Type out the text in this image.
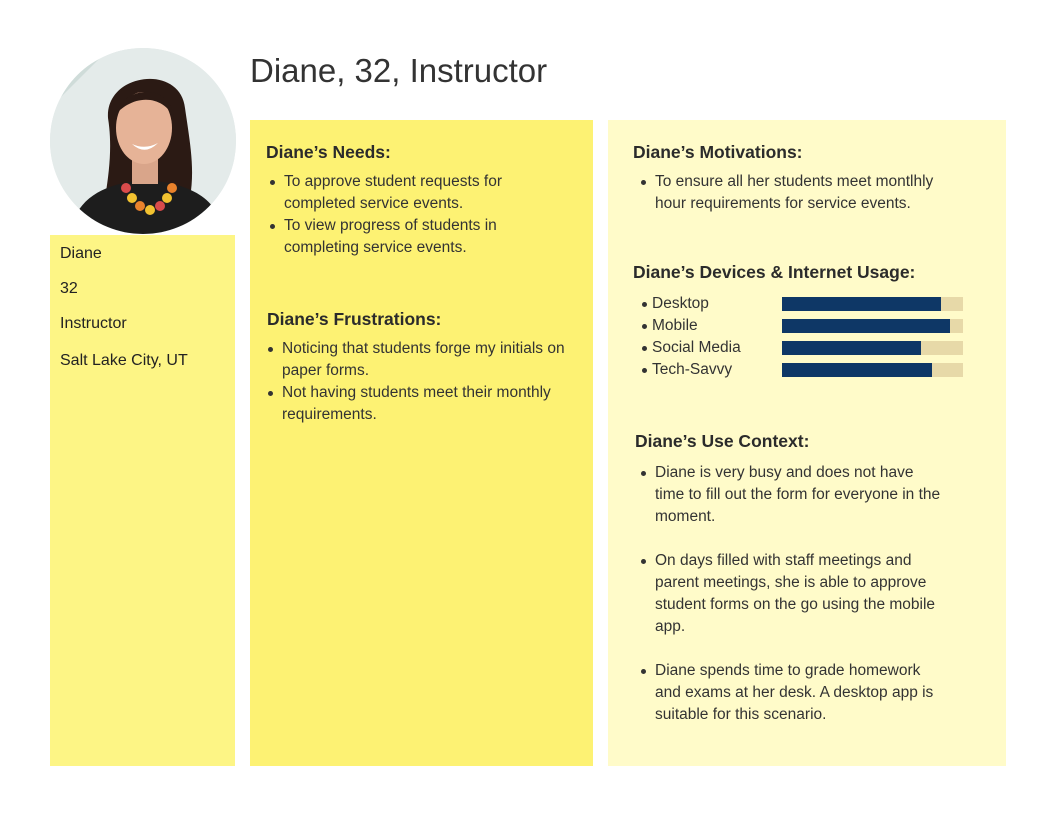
Diane, 32, Instructor
Diane
32
Instructor
Salt Lake City, UT
Diane’s Needs:
To approve student requests for completed service events.
To view progress of students in completing service events.
Diane’s Frustrations:
Noticing that students forge my initials on paper forms.
Not having students meet their monthly requirements.
Diane’s Motivations:
To ensure all her students meet montlhly hour requirements for service events.
Diane’s Devices & Internet Usage:
Desktop
Mobile
Social Media
Tech-Savvy
Diane’s Use Context:
Diane is very busy and does not have time to fill out the form for everyone in the moment.
On days filled with staff meetings and parent meetings, she is able to approve student forms on the go using the mobile app.
Diane spends time to grade homework and exams at her desk. A desktop app is suitable for this scenario.
